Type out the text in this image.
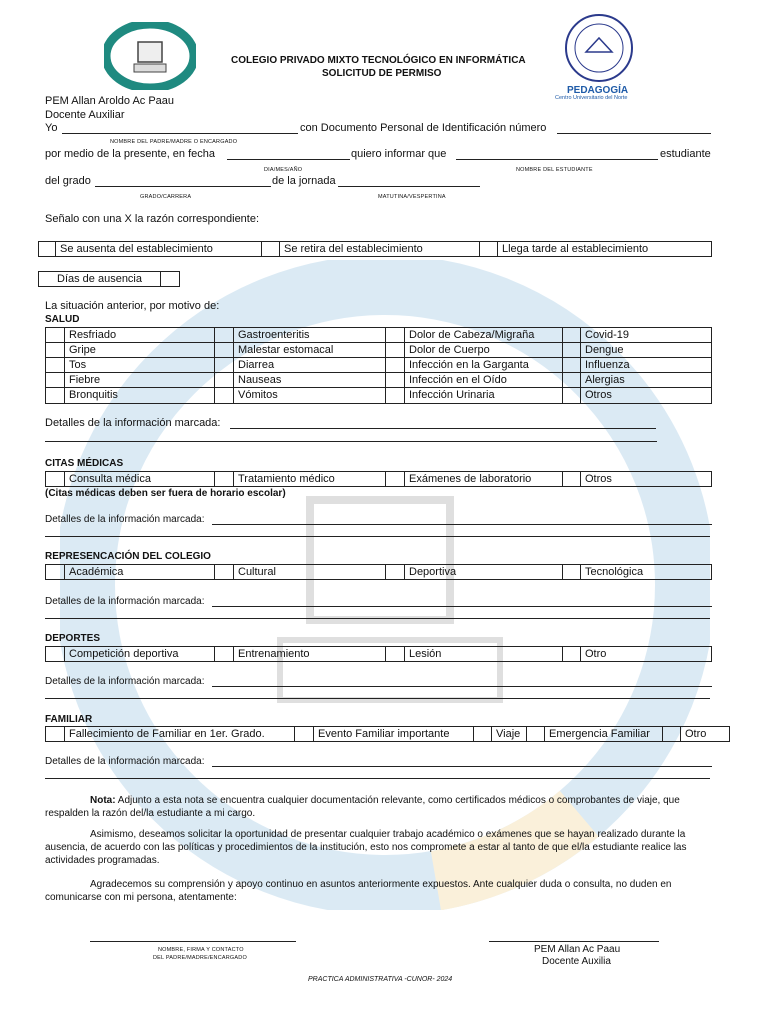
PEDAGOGÍA
Centro Universitario del Norte
COLEGIO PRIVADO MIXTO TECNOLÓGICO EN INFORMÁTICA
SOLICITUD DE PERMISO
PEM Allan Aroldo Ac Paau
Docente Auxiliar
Yo	con Documento Personal de Identificación número
NOMBRE DEL PADRE/MADRE O ENCARGADO
por medio de la presente, en fecha	quiero informar que	estudiante
DIA/MES/AÑO	NOMBRE DEL ESTUDIANTE
del grado	de la jornada
GRADO/CARRERA	MATUTINA/VESPERTINA
Señalo con una X la razón correspondiente:
Se ausenta del establecimiento	Se retira del establecimiento	Llega tarde al establecimiento
Días de ausencia
La situación anterior, por motivo de:
SALUD
Resfriado	Gastroenteritis	Dolor de Cabeza/Migraña	Covid-19
Gripe	Malestar estomacal	Dolor de Cuerpo	Dengue
Tos	Diarrea	Infección en la Garganta	Influenza
Fiebre	Nauseas	Infección en el Oído	Alergias
Bronquitis	Vómitos	Infección Urinaria	Otros
Detalles de la información marcada:
CITAS MÉDICAS
Consulta médica	Tratamiento médico	Exámenes de laboratorio	Otros
(Citas médicas deben ser fuera de horario escolar)
Detalles de la información marcada:
REPRESENCACIÓN DEL COLEGIO
Académica	Cultural	Deportiva	Tecnológica
Detalles de la información marcada:
DEPORTES
Competición deportiva	Entrenamiento	Lesión	Otro
Detalles de la información marcada:
FAMILIAR
Fallecimiento de Familiar en 1er. Grado.	Evento Familiar importante	Viaje	Emergencia Familiar	Otro
Detalles de la información marcada:
Nota: Adjunto a esta nota se encuentra cualquier documentación relevante, como certificados médicos o comprobantes de viaje, que respalden la razón del/la estudiante a mi cargo.
Asimismo, deseamos solicitar la oportunidad de presentar cualquier trabajo académico o exámenes que se hayan realizado durante la ausencia, de acuerdo con las políticas y procedimientos de la institución, esto nos compromete a estar al tanto de que el/la estudiante realice las actividades programadas.
Agradecemos su comprensión y apoyo continuo en asuntos anteriormente expuestos. Ante cualquier duda o consulta, no duden en comunicarse con mi persona, atentamente:
NOMBRE, FIRMA Y CONTACTO
DEL PADRE/MADRE/ENCARGADO
PEM Allan Ac Paau
Docente Auxilia
PRACTICA ADMINISTRATIVA -CUNOR- 2024
